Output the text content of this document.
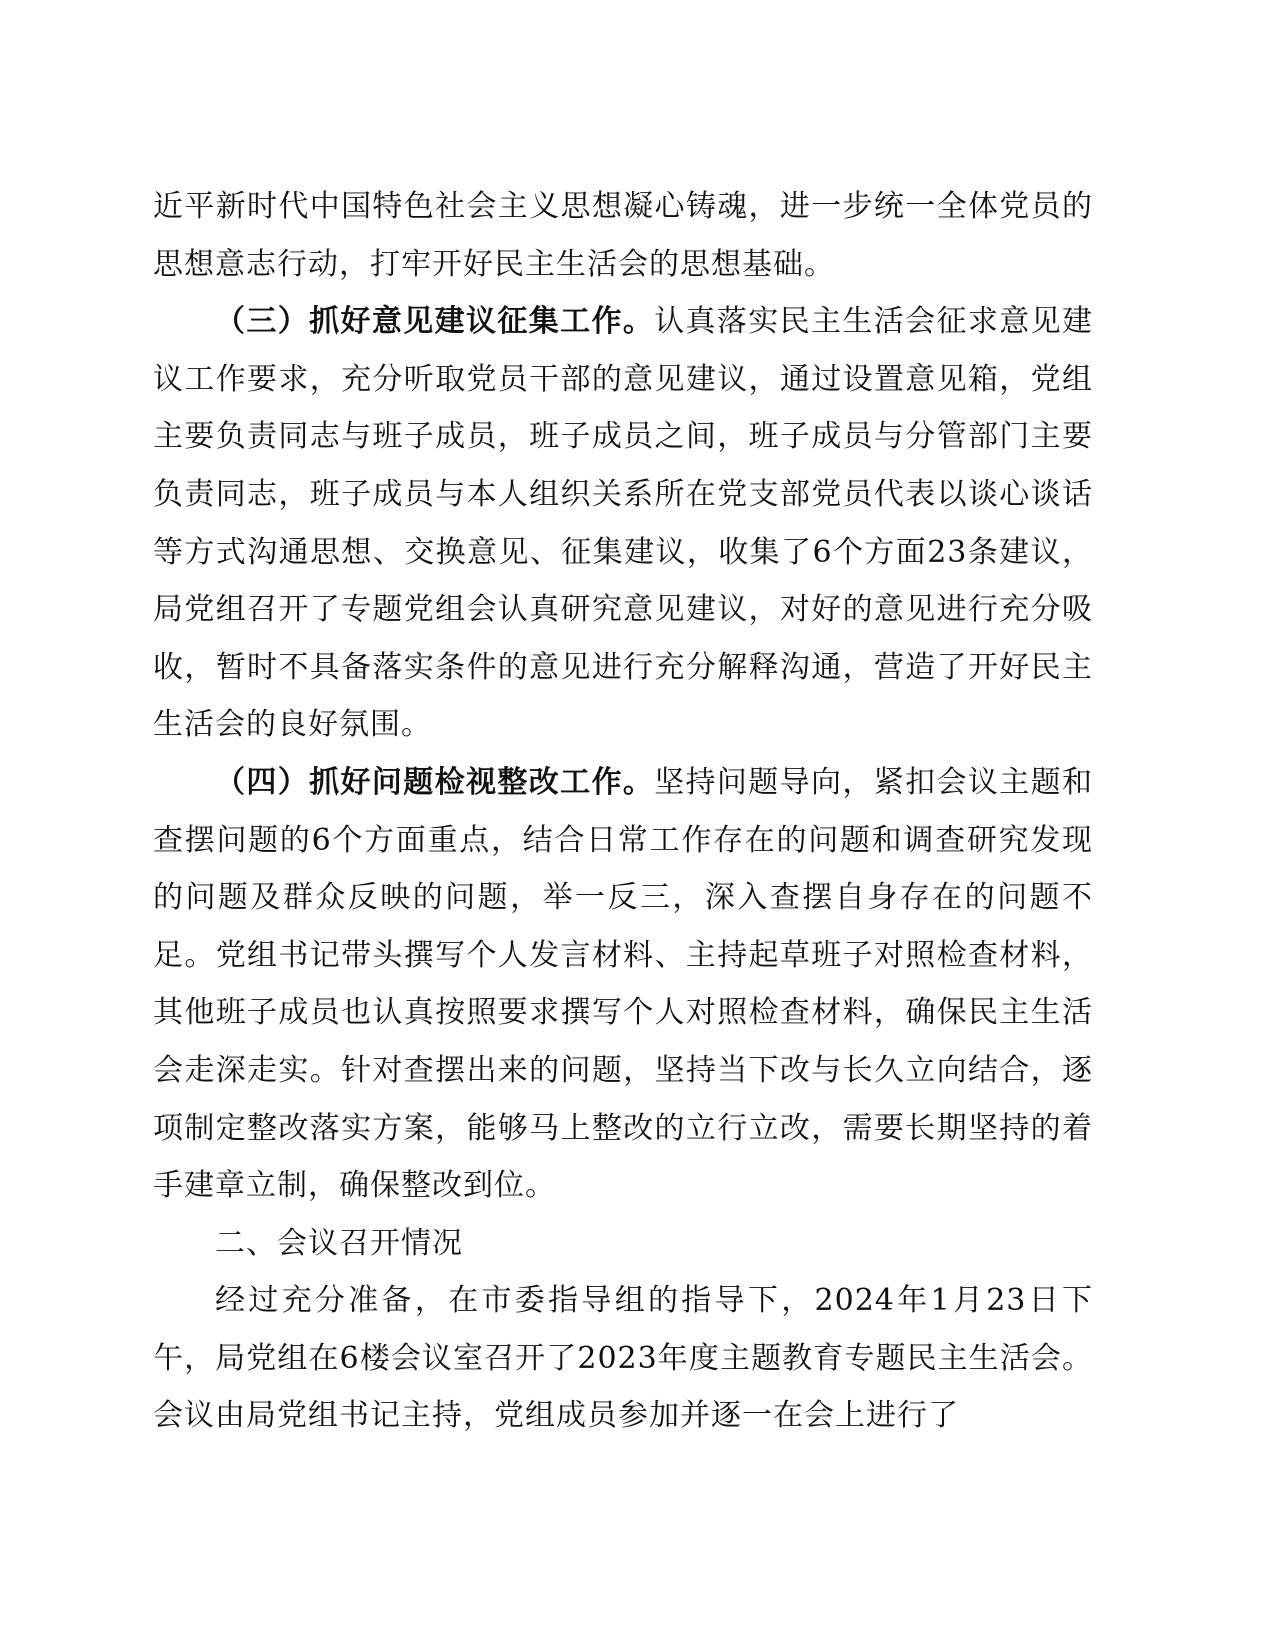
近平新时代中国特色社会主义思想凝心铸魂，进一步统一全体党员的思想意志行动，打牢开好民主生活会的思想基础。

（三）抓好意见建议征集工作。认真落实民主生活会征求意见建议工作要求，充分听取党员干部的意见建议，通过设置意见箱，党组主要负责同志与班子成员，班子成员之间，班子成员与分管部门主要负责同志，班子成员与本人组织关系所在党支部党员代表以谈心谈话等方式沟通思想、交换意见、征集建议，收集了6个方面23条建议，局党组召开了专题党组会认真研究意见建议，对好的意见进行充分吸收，暂时不具备落实条件的意见进行充分解释沟通，营造了开好民主生活会的良好氛围。

（四）抓好问题检视整改工作。坚持问题导向，紧扣会议主题和查摆问题的6个方面重点，结合日常工作存在的问题和调查研究发现的问题及群众反映的问题，举一反三，深入查摆自身存在的问题不足。党组书记带头撰写个人发言材料、主持起草班子对照检查材料，其他班子成员也认真按照要求撰写个人对照检查材料，确保民主生活会走深走实。针对查摆出来的问题，坚持当下改与长久立向结合，逐项制定整改落实方案，能够马上整改的立行立改，需要长期坚持的着手建章立制，确保整改到位。

二、会议召开情况

经过充分准备，在市委指导组的指导下，2024年1月23日下午，局党组在6楼会议室召开了2023年度主题教育专题民主生活会。会议由局党组书记主持，党组成员参加并逐一在会上进行了
